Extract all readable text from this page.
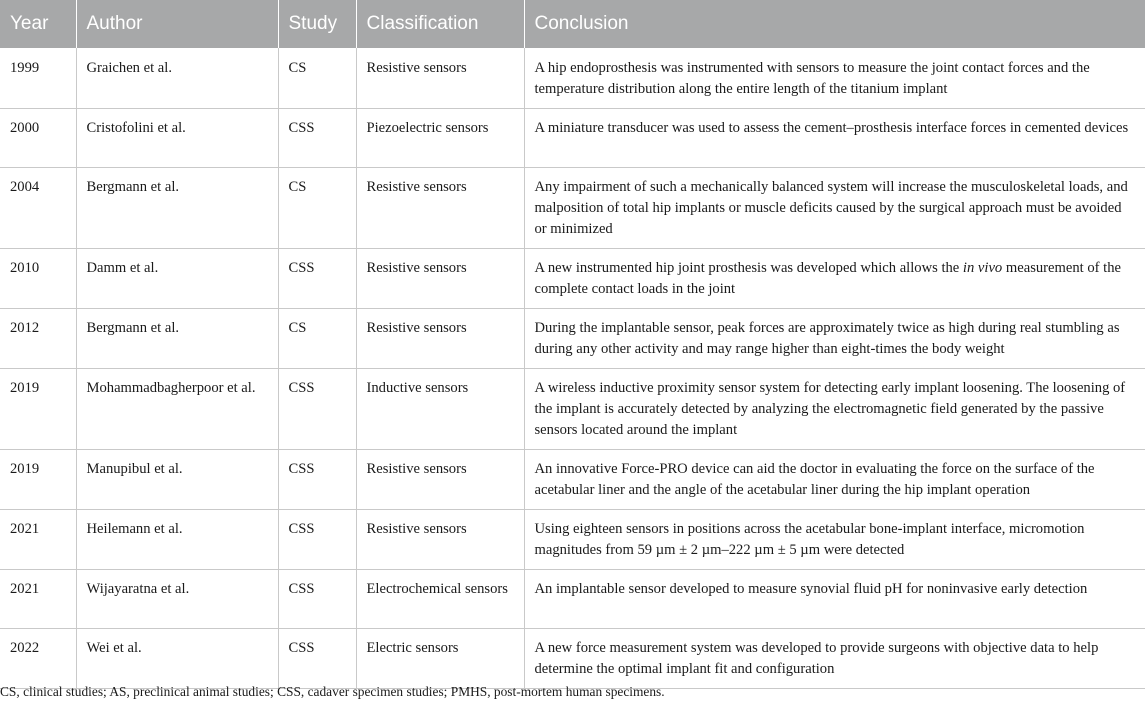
Year	Author	Study	Classification	Conclusion
1999	Graichen et al.	CS	Resistive sensors	A hip endoprosthesis was instrumented with sensors to measure the joint contact forces and the temperature distribution along the entire length of the titanium implant
2000	Cristofolini et al.	CSS	Piezoelectric sensors	A miniature transducer was used to assess the cement–prosthesis interface forces in cemented devices
2004	Bergmann et al.	CS	Resistive sensors	Any impairment of such a mechanically balanced system will increase the musculoskeletal loads, and malposition of total hip implants or muscle deficits caused by the surgical approach must be avoided or minimized
2010	Damm et al.	CSS	Resistive sensors	A new instrumented hip joint prosthesis was developed which allows the in vivo measurement of the complete contact loads in the joint
2012	Bergmann et al.	CS	Resistive sensors	During the implantable sensor, peak forces are approximately twice as high during real stumbling as during any other activity and may range higher than eight-times the body weight
2019	Mohammadbagherpoor et al.	CSS	Inductive sensors	A wireless inductive proximity sensor system for detecting early implant loosening. The loosening of the implant is accurately detected by analyzing the electromagnetic field generated by the passive sensors located around the implant
2019	Manupibul et al.	CSS	Resistive sensors	An innovative Force-PRO device can aid the doctor in evaluating the force on the surface of the acetabular liner and the angle of the acetabular liner during the hip implant operation
2021	Heilemann et al.	CSS	Resistive sensors	Using eighteen sensors in positions across the acetabular bone-implant interface, micromotion magnitudes from 59 µm ± 2 µm–222 µm ± 5 µm were detected
2021	Wijayaratna et al.	CSS	Electrochemical sensors	An implantable sensor developed to measure synovial fluid pH for noninvasive early detection
2022	Wei et al.	CSS	Electric sensors	A new force measurement system was developed to provide surgeons with objective data to help determine the optimal implant fit and configuration
CS, clinical studies; AS, preclinical animal studies; CSS, cadaver specimen studies; PMHS, post-mortem human specimens.
